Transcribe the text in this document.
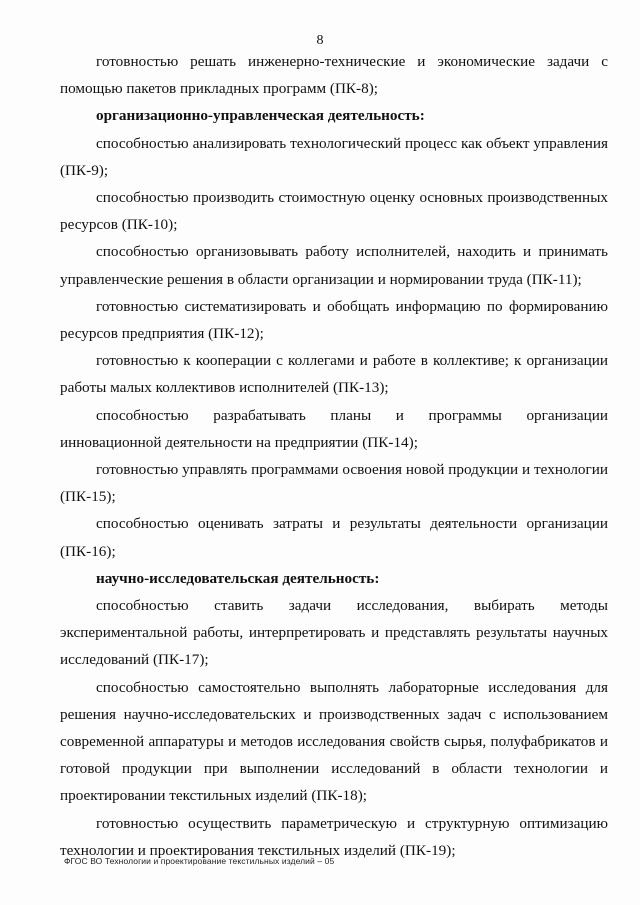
8

готовностью решать инженерно-технические и экономические задачи с помощью пакетов прикладных программ (ПК-8);

организационно-управленческая деятельность:

способностью анализировать технологический процесс как объект управления (ПК-9);

способностью производить стоимостную оценку основных производственных ресурсов (ПК-10);

способностью организовывать работу исполнителей, находить и принимать управленческие решения в области организации и нормировании труда (ПК-11);

готовностью систематизировать и обобщать информацию по формированию ресурсов предприятия (ПК-12);

готовностью к кооперации с коллегами и работе в коллективе; к организации работы малых коллективов исполнителей (ПК-13);

способностью разрабатывать планы и программы организации инновационной деятельности на предприятии (ПК-14);

готовностью управлять программами освоения новой продукции и технологии (ПК-15);

способностью оценивать затраты и результаты деятельности организации (ПК-16);

научно-исследовательская деятельность:

способностью ставить задачи исследования, выбирать методы экспериментальной работы, интерпретировать и представлять результаты научных исследований (ПК-17);

способностью самостоятельно выполнять лабораторные исследования для решения научно-исследовательских и производственных задач с использованием современной аппаратуры и методов исследования свойств сырья, полуфабрикатов и готовой продукции при выполнении исследований в области технологии и проектировании текстильных изделий (ПК-18);

готовностью осуществить параметрическую и структурную оптимизацию технологии и проектирования текстильных изделий (ПК-19);

ФГОС ВО Технологии и проектирование текстильных изделий – 05
